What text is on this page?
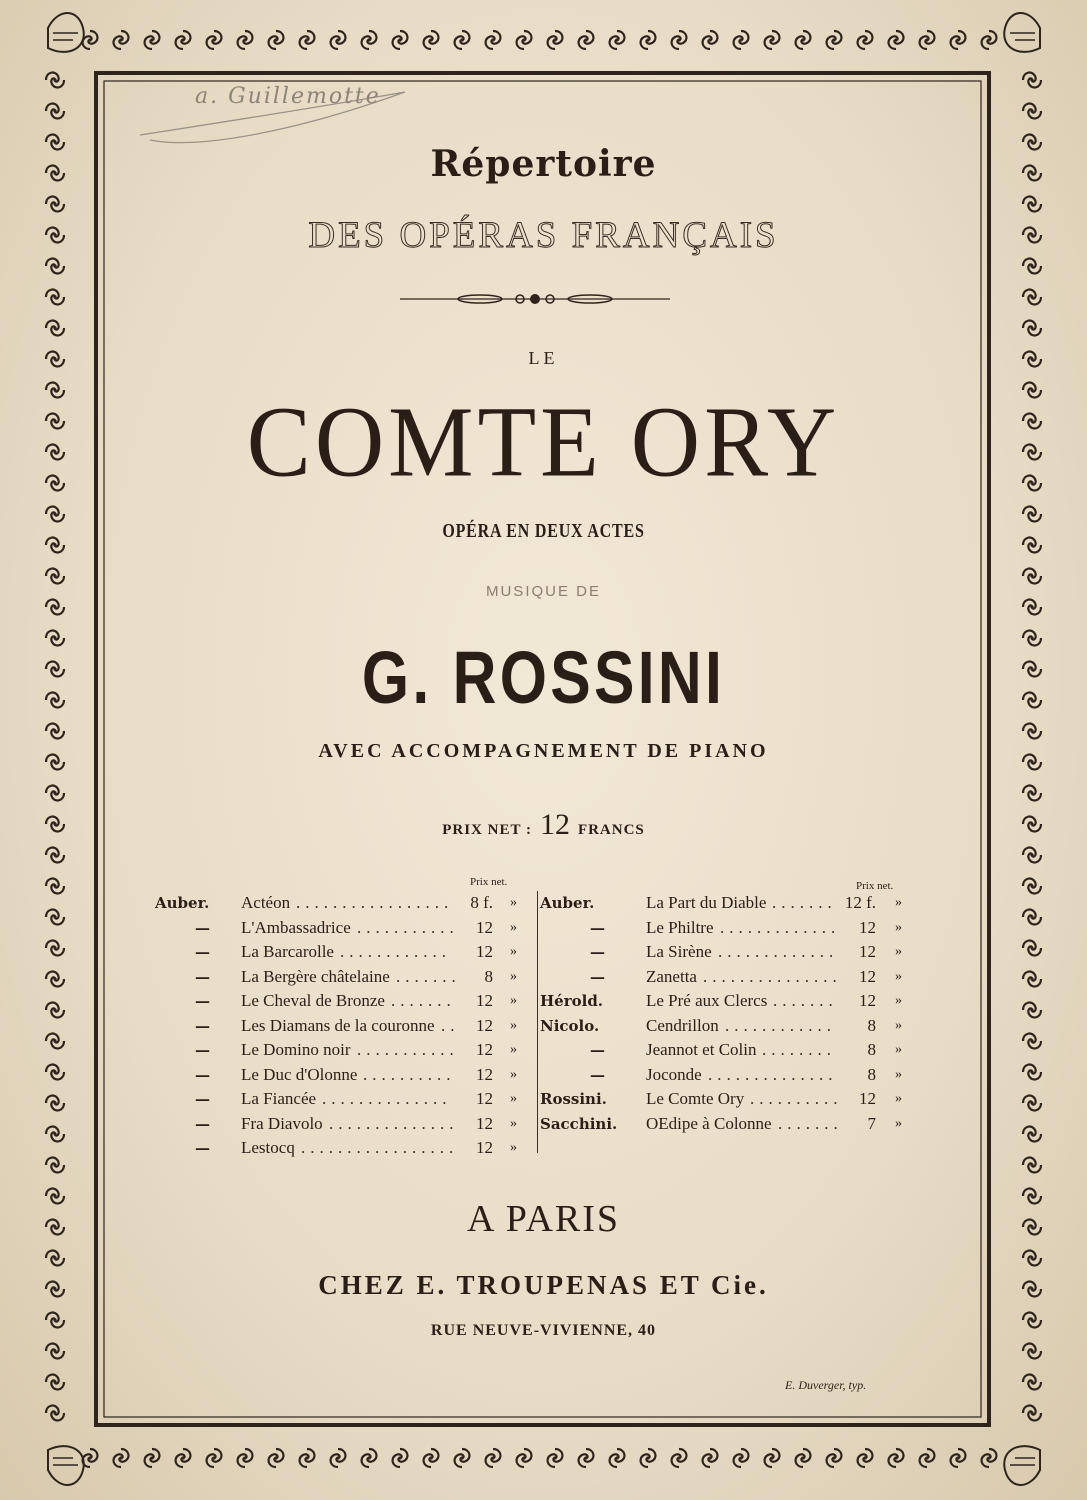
a. Guillemotte
Répertoire
DES OPÉRAS FRANÇAIS
LE
COMTE ORY
OPÉRA EN DEUX ACTES
MUSIQUE DE
G. ROSSINI
AVEC ACCOMPAGNEMENT DE PIANO
PRIX NET : 12 FRANCS
Prix net.	Prix net.
Auber. Actéon .................	8 f. »
— L'Ambassadrice ...........	12 »
— La Barcarolle ............	12 »
— La Bergère châtelaine .......	8 »
— Le Cheval de Bronze .......	12 »
— Les Diamans de la couronne .. 12 »
— Le Domino noir ...........	12 »
— Le Duc d'Olonne ..........	12 »
— La Fiancée ..............	12 »
— Fra Diavolo ..............	12 »
— Lestocq .................	12 »
Auber.	La Part du Diable ....... 12 f. »
— Le Philtre .............	12 »
— La Sirène .............	12 »
— Zanetta ...............	12 »
Hérold.	Le Pré aux Clercs .......	12 »
Nicolo.	Cendrillon ............	8 »
— Jeannot et Colin ........	8 »
— Joconde ..............	8 »
Rossini. Le Comte Ory .......... 12 »
Sacchini. OEdipe à Colonne .......	7 »
A PARIS
CHEZ E. TROUPENAS ET Cie.
RUE NEUVE-VIVIENNE, 40
E. Duverger, typ.
